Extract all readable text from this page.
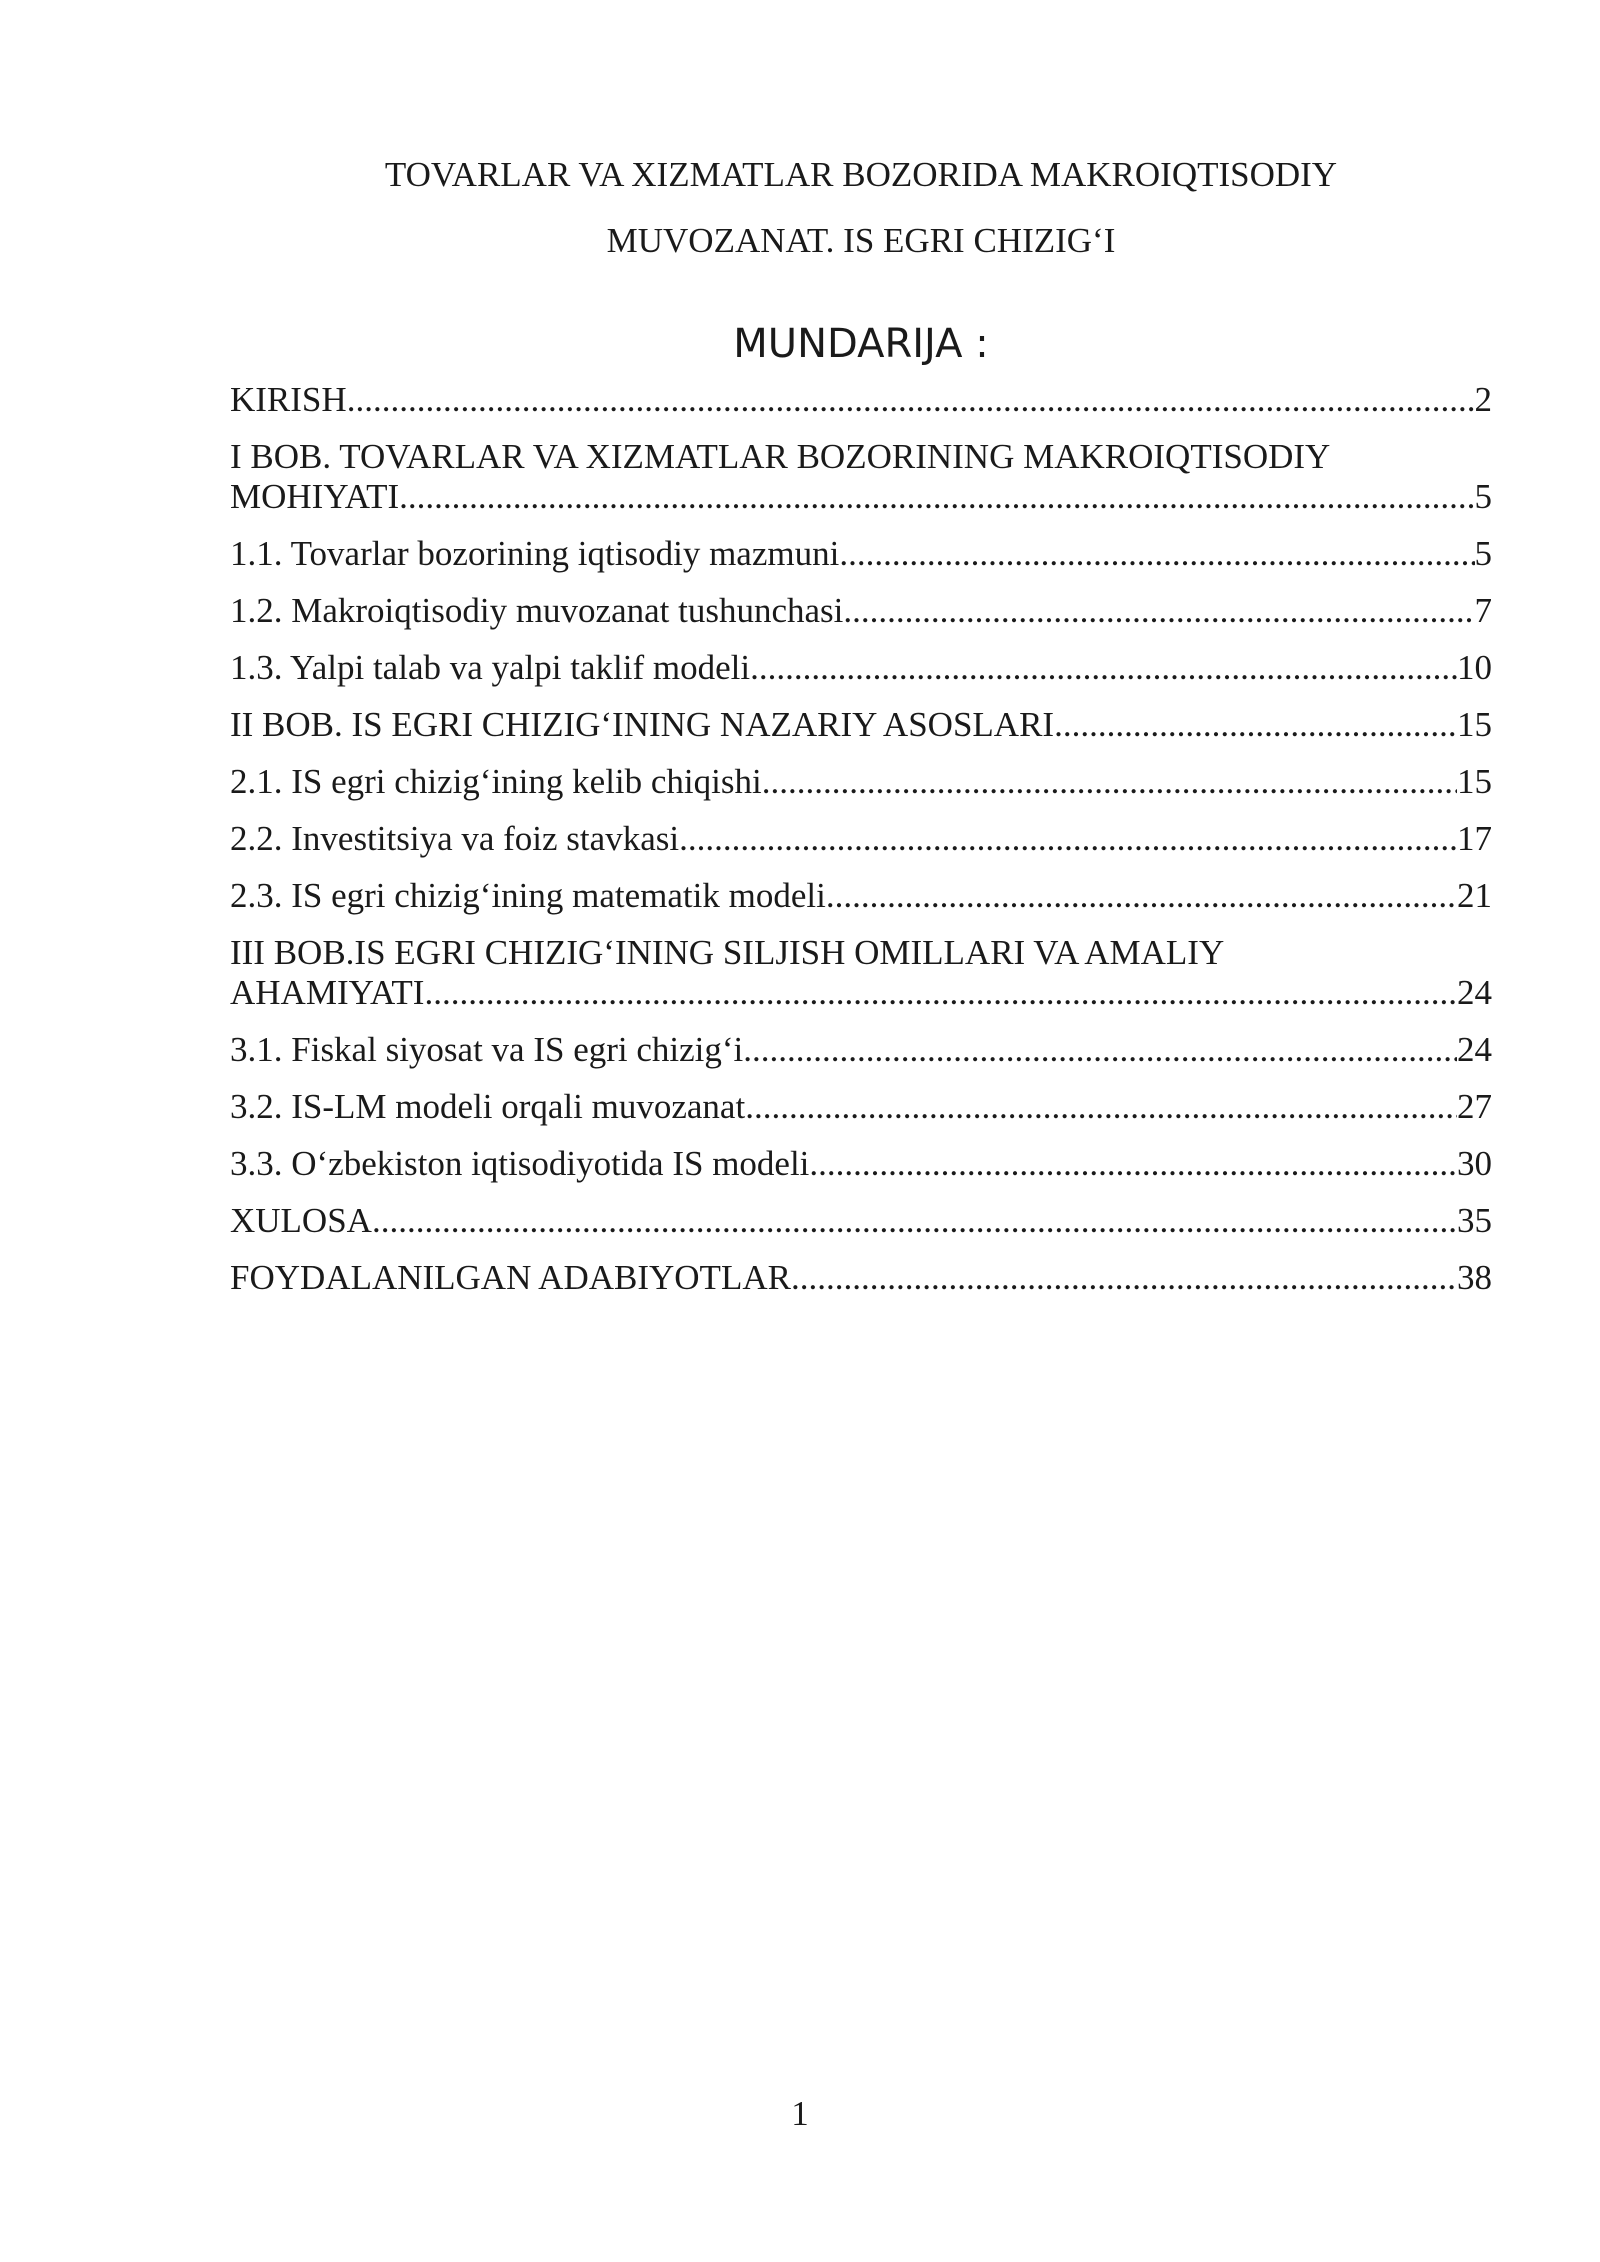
TOVARLAR VA XIZMATLAR BOZORIDA MAKROIQTISODIY
MUVOZANAT. IS EGRI CHIZIG‘I
MUNDARIJA :
KIRISH .....	2
I BOB. TOVARLAR VA XIZMATLAR BOZORINING MAKROIQTISODIY
MOHIYATI .....	5
1.1. Tovarlar bozorining iqtisodiy mazmuni .....	5
1.2. Makroiqtisodiy muvozanat tushunchasi .....	7
1.3. Yalpi talab va yalpi taklif modeli .....	10
II BOB. IS EGRI CHIZIG‘INING NAZARIY ASOSLARI .....	15
2.1. IS egri chizig‘ining kelib chiqishi .....	15
2.2. Investitsiya va foiz stavkasi .....	17
2.3. IS egri chizig‘ining matematik modeli .....	21
III BOB.IS EGRI CHIZIG‘INING SILJISH OMILLARI VA AMALIY
AHAMIYATI .....	24
3.1. Fiskal siyosat va IS egri chizig‘i .....	24
3.2. IS-LM modeli orqali muvozanat .....	27
3.3. O‘zbekiston iqtisodiyotida IS modeli .....	30
XULOSA .....	35
FOYDALANILGAN ADABIYOTLAR .....	38
1
